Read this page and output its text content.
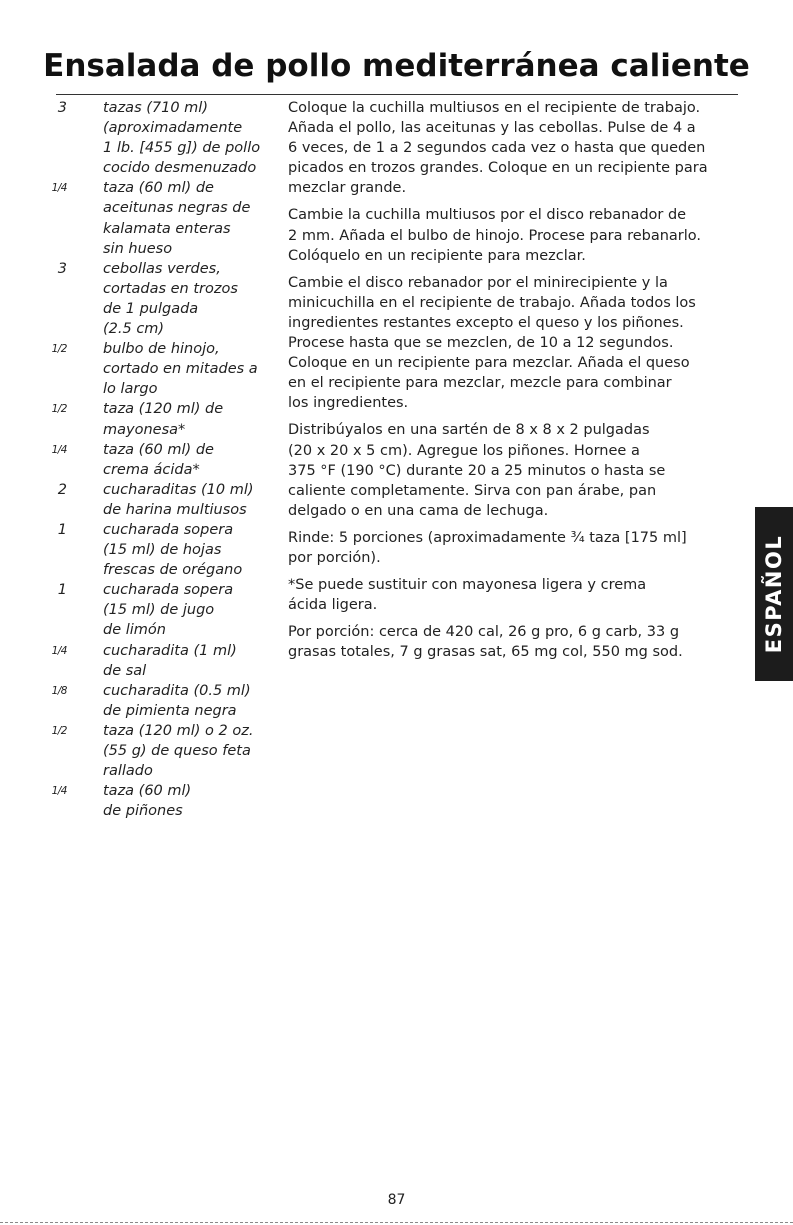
Ensalada de pollo mediterránea caliente
3 tazas (710 ml)
(aproximadamente
1 lb. [455 g]) de pollo
cocido desmenuzado
1/4 taza (60 ml) de
aceitunas negras de
kalamata enteras
sin hueso
3 cebollas verdes,
cortadas en trozos
de 1 pulgada
(2.5 cm)
1/2 bulbo de hinojo,
cortado en mitades a
lo largo
1/2 taza (120 ml) de
mayonesa*
1/4 taza (60 ml) de
crema ácida*
2 cucharaditas (10 ml)
de harina multiusos
1 cucharada sopera
(15 ml) de hojas
frescas de orégano
1 cucharada sopera
(15 ml) de jugo
de limón
1/4 cucharadita (1 ml)
de sal
1/8 cucharadita (0.5 ml)
de pimienta negra
1/2 taza (120 ml) o 2 oz.
(55 g) de queso feta
rallado
1/4 taza (60 ml)
de piñones

Coloque la cuchilla multiusos en el recipiente de trabajo.
Añada el pollo, las aceitunas y las cebollas. Pulse de 4 a
6 veces, de 1 a 2 segundos cada vez o hasta que queden
picados en trozos grandes. Coloque en un recipiente para
mezclar grande.

Cambie la cuchilla multiusos por el disco rebanador de
2 mm. Añada el bulbo de hinojo. Procese para rebanarlo.
Colóquelo en un recipiente para mezclar.

Cambie el disco rebanador por el minirecipiente y la
minicuchilla en el recipiente de trabajo. Añada todos los
ingredientes restantes excepto el queso y los piñones.
Procese hasta que se mezclen, de 10 a 12 segundos.
Coloque en un recipiente para mezclar. Añada el queso
en el recipiente para mezclar, mezcle para combinar
los ingredientes.

Distribúyalos en una sartén de 8 x 8 x 2 pulgadas
(20 x 20 x 5 cm). Agregue los piñones. Hornee a
375 °F (190 °C) durante 20 a 25 minutos o hasta se
caliente completamente. Sirva con pan árabe, pan
delgado o en una cama de lechuga.

Rinde: 5 porciones (aproximadamente ³⁄₄ taza [175 ml]
por porción).

*Se puede sustituir con mayonesa ligera y crema
ácida ligera.

Por porción: cerca de 420 cal, 26 g pro, 6 g carb, 33 g
grasas totales, 7 g grasas sat, 65 mg col, 550 mg sod.	ESPAÑOL
87
